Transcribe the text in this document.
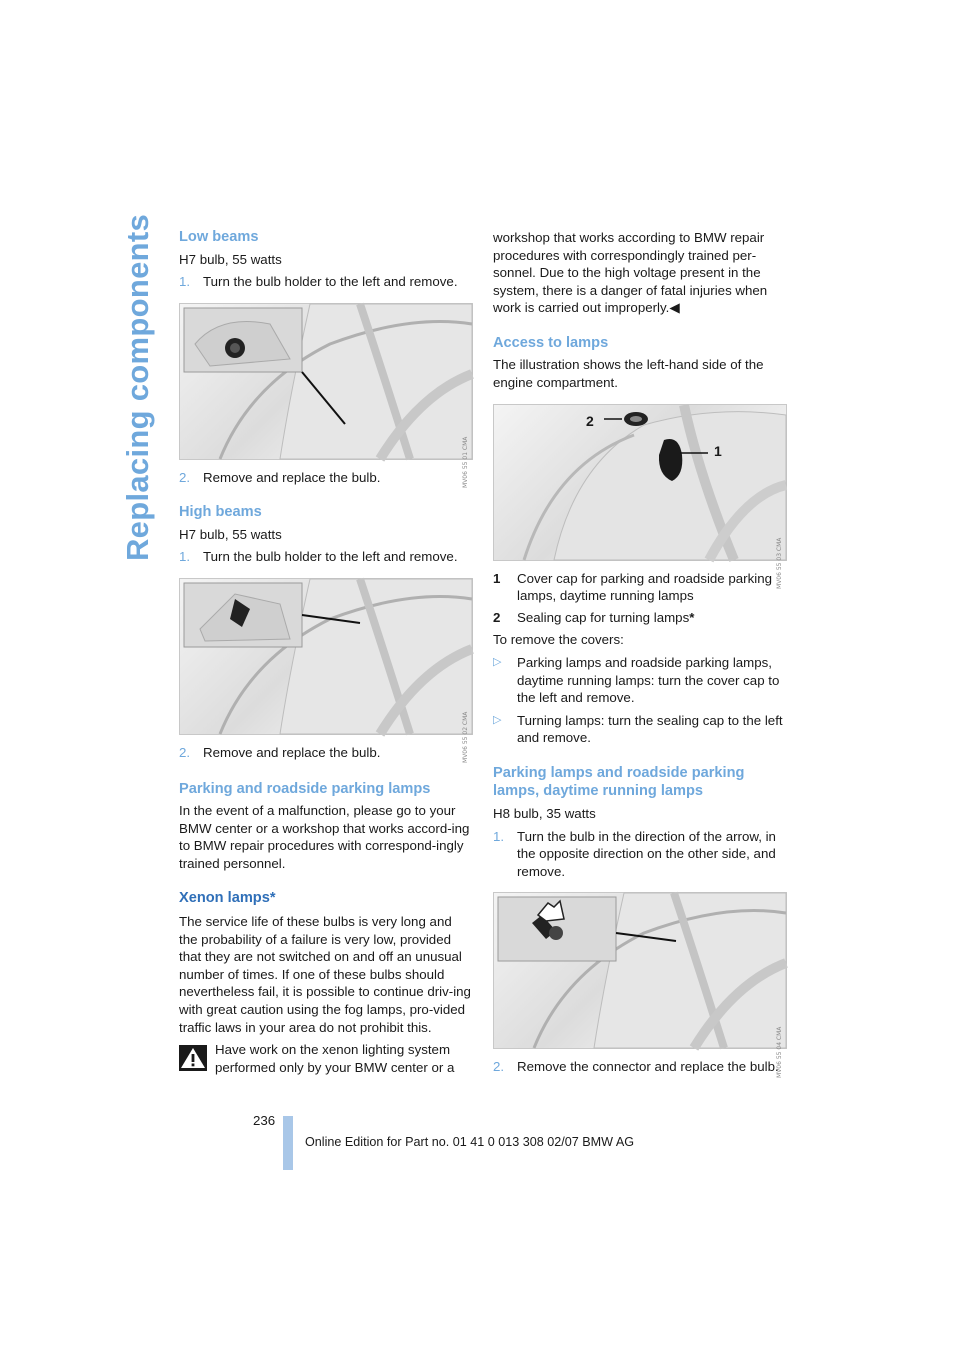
Replacing components	Low beams

H7 bulb, 55 watts

1. Turn the bulb holder to the left and remove.
MV06 55 01 CMA
2. Remove and replace the bulb.
High beams

H7 bulb, 55 watts

1. Turn the bulb holder to the left and remove.
MV06 55 02 CMA
2. Remove and replace the bulb.
Parking and roadside parking lamps

In the event of a malfunction, please go to your BMW center or a workshop that works accord-ing to BMW repair procedures with correspond-ingly trained personnel.

Xenon lamps*

The service life of these bulbs is very long and the probability of a failure is very low, provided that they are not switched on and off an unusual number of times. If one of these bulbs should nevertheless fail, it is possible to continue driv-ing with great caution using the fog lamps, pro-vided traffic laws in your area do not prohibit this.

Have work on the xenon lighting system performed only by your BMW center or a

workshop that works according to BMW repair procedures with correspondingly trained per-sonnel. Due to the high voltage present in the system, there is a danger of fatal injuries when work is carried out improperly.◀

Access to lamps

The illustration shows the left-hand side of the engine compartment.

2
1
MV06 55 03 CMA
1	Cover cap for parking and roadside parking lamps, daytime running lamps
2	Sealing cap for turning lamps*

To remove the covers:

▷	Parking lamps and roadside parking lamps, daytime running lamps: turn the cover cap to the left and remove.
▷	Turning lamps: turn the sealing cap to the left and remove.
Parking lamps and roadside parking lamps, daytime running lamps

H8 bulb, 35 watts

1. Turn the bulb in the direction of the arrow, in the opposite direction on the other side, and remove.
MV06 55 04 CMA
2. Remove the connector and replace the bulb.
236
Online Edition for Part no. 01 41 0 013 308 02/07 BMW AG
